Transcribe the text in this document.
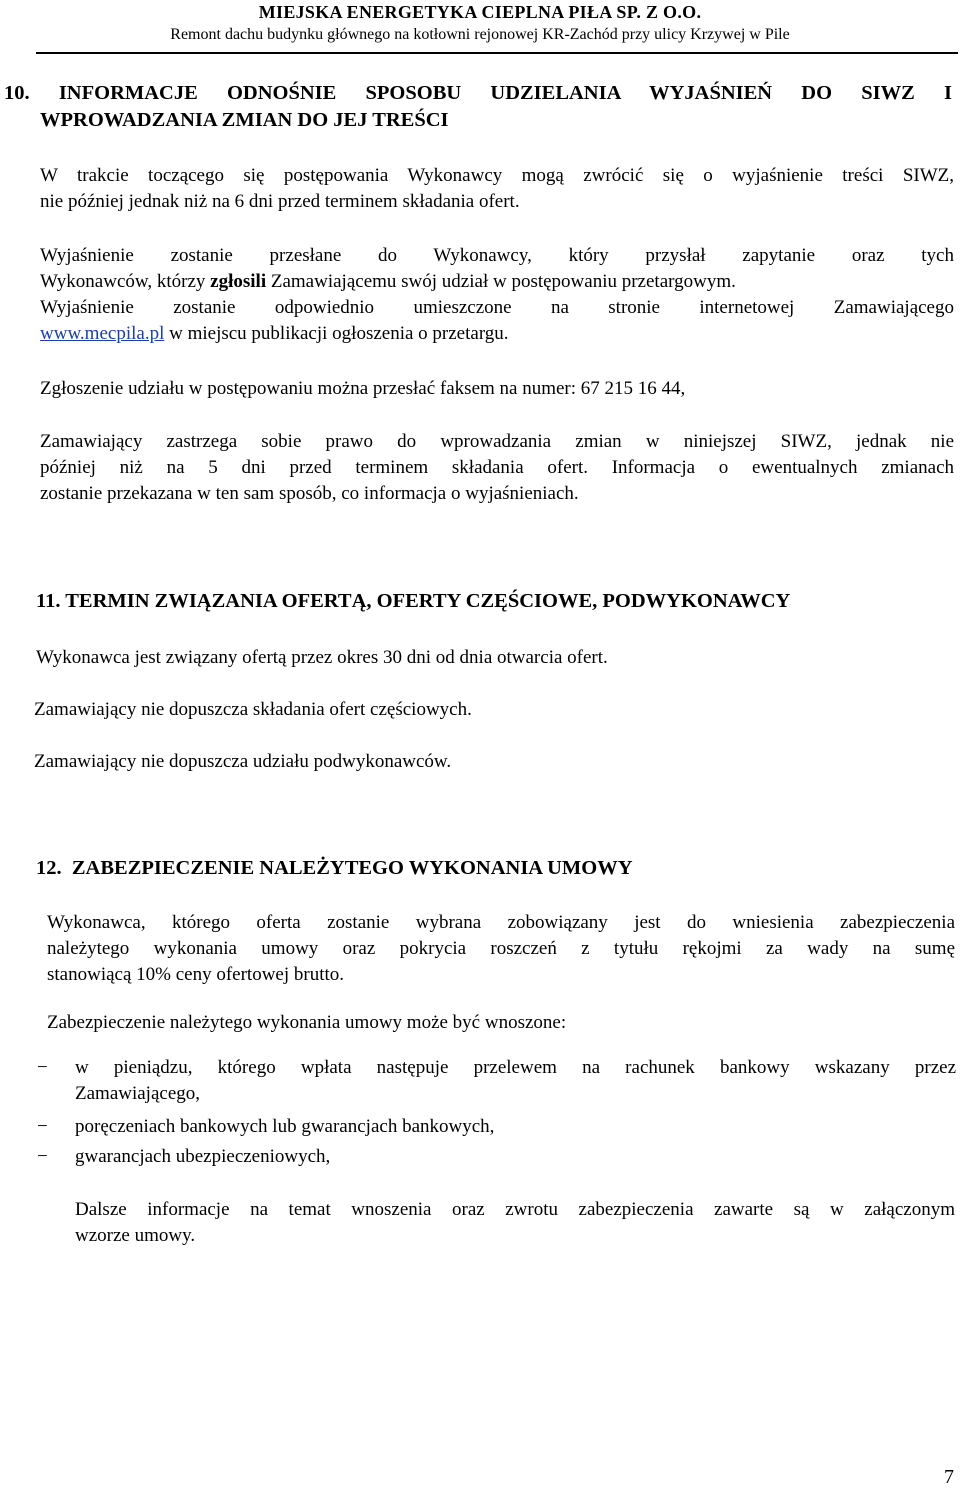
MIEJSKA ENERGETYKA CIEPLNA PIŁA SP. Z O.O.
Remont dachu budynku głównego na kotłowni rejonowej KR-Zachód przy ulicy Krzywej w Pile
10. INFORMACJE ODNOŚNIE SPOSOBU UDZIELANIA WYJAŚNIEŃ DO SIWZ I
WPROWADZANIA ZMIAN DO JEJ TREŚCI
W trakcie toczącego się postępowania Wykonawcy mogą zwrócić się o wyjaśnienie treści SIWZ,
nie później jednak niż na 6 dni przed terminem składania ofert.
Wyjaśnienie zostanie przesłane do Wykonawcy, który przysłał zapytanie oraz tych
Wykonawców, którzy zgłosili Zamawiającemu swój udział w postępowaniu przetargowym.
Wyjaśnienie zostanie odpowiednio umieszczone na stronie internetowej Zamawiającego
www.mecpila.pl w miejscu publikacji ogłoszenia o przetargu.
Zgłoszenie udziału w postępowaniu można przesłać faksem na numer: 67 215 16 44,
Zamawiający zastrzega sobie prawo do wprowadzania zmian w niniejszej SIWZ, jednak nie
później niż na 5 dni przed terminem składania ofert. Informacja o ewentualnych zmianach
zostanie przekazana w ten sam sposób, co informacja o wyjaśnieniach.
11. TERMIN ZWIĄZANIA OFERTĄ, OFERTY CZĘŚCIOWE, PODWYKONAWCY
Wykonawca jest związany ofertą przez okres 30 dni od dnia otwarcia ofert.
Zamawiający nie dopuszcza składania ofert częściowych.
Zamawiający nie dopuszcza udziału podwykonawców.
12.  ZABEZPIECZENIE NALEŻYTEGO WYKONANIA UMOWY
Wykonawca, którego oferta zostanie wybrana zobowiązany jest do wniesienia zabezpieczenia
należytego wykonania umowy oraz pokrycia roszczeń z tytułu rękojmi za wady na sumę
stanowiącą 10% ceny ofertowej brutto.
Zabezpieczenie należytego wykonania umowy może być wnoszone:
− w pieniądzu, którego wpłata następuje przelewem na rachunek bankowy wskazany przez
Zamawiającego,
− poręczeniach bankowych lub gwarancjach bankowych,
− gwarancjach ubezpieczeniowych,
Dalsze informacje na temat wnoszenia oraz zwrotu zabezpieczenia zawarte są w załączonym
wzorze umowy.
7
